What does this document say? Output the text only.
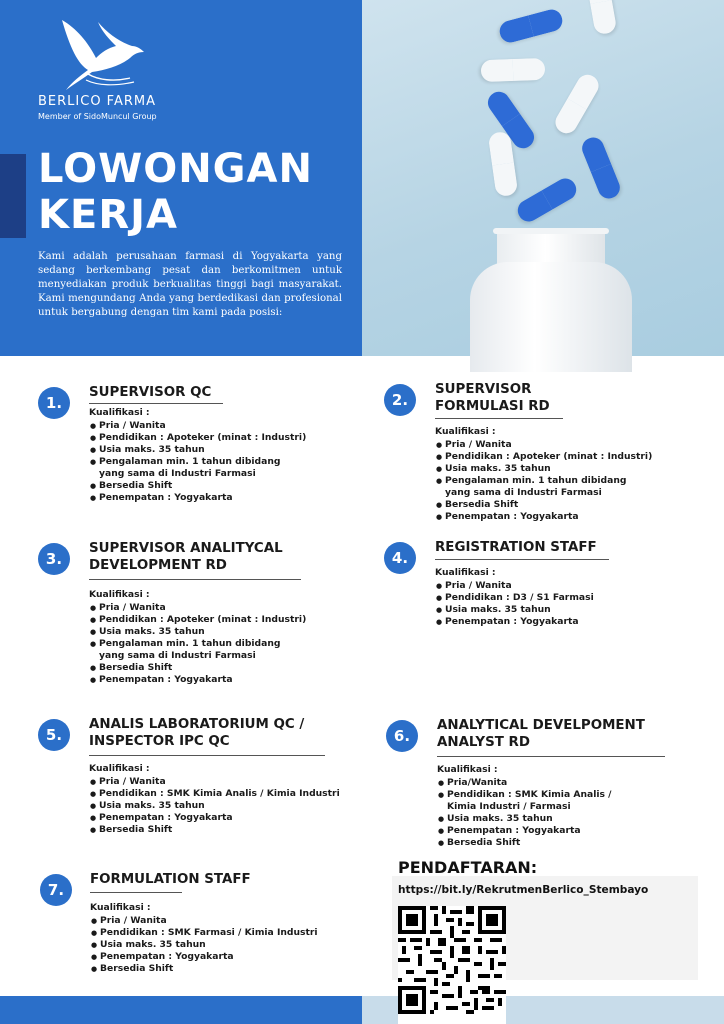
BERLICO FARMA
Member of SidoMuncul Group
LOWONGAN
KERJA
Kami adalah perusahaan farmasi di Yogyakarta yang sedang berkembang pesat dan berkomitmen untuk menyediakan produk berkualitas tinggi bagi masyarakat. Kami mengundang Anda yang berdedikasi dan profesional untuk bergabung dengan tim kami pada posisi:
1.
SUPERVISOR QC
Kualifikasi :
● Pria / Wanita
● Pendidikan : Apoteker (minat : Industri)
● Usia maks. 35 tahun
● Pengalaman min. 1 tahun dibidang
yang sama di Industri Farmasi
● Bersedia Shift
● Penempatan : Yogyakarta
2.
SUPERVISOR
FORMULASI RD
Kualifikasi :
● Pria / Wanita
● Pendidikan : Apoteker (minat : Industri)
● Usia maks. 35 tahun
● Pengalaman min. 1 tahun dibidang
yang sama di Industri Farmasi
● Bersedia Shift
● Penempatan : Yogyakarta
3.
SUPERVISOR ANALITYCAL
DEVELOPMENT RD
Kualifikasi :
● Pria / Wanita
● Pendidikan : Apoteker (minat : Industri)
● Usia maks. 35 tahun
● Pengalaman min. 1 tahun dibidang
yang sama di Industri Farmasi
● Bersedia Shift
● Penempatan : Yogyakarta
4.
REGISTRATION STAFF
Kualifikasi :
● Pria / Wanita
● Pendidikan : D3 / S1 Farmasi
● Usia maks. 35 tahun
● Penempatan : Yogyakarta
5.
ANALIS LABORATORIUM QC /
INSPECTOR IPC QC
Kualifikasi :
● Pria / Wanita
● Pendidikan : SMK Kimia Analis / Kimia Industri
● Usia maks. 35 tahun
● Penempatan : Yogyakarta
● Bersedia Shift
6.
ANALYTICAL DEVELPOMENT
ANALYST RD
Kualifikasi :
● Pria/Wanita
● Pendidikan : SMK Kimia Analis /
Kimia Industri / Farmasi
● Usia maks. 35 tahun
● Penempatan : Yogyakarta
● Bersedia Shift
7.
FORMULATION STAFF
Kualifikasi :
● Pria / Wanita
● Pendidikan : SMK Farmasi / Kimia Industri
● Usia maks. 35 tahun
● Penempatan : Yogyakarta
● Bersedia Shift
PENDAFTARAN:
https://bit.ly/RekrutmenBerlico_Stembayo
